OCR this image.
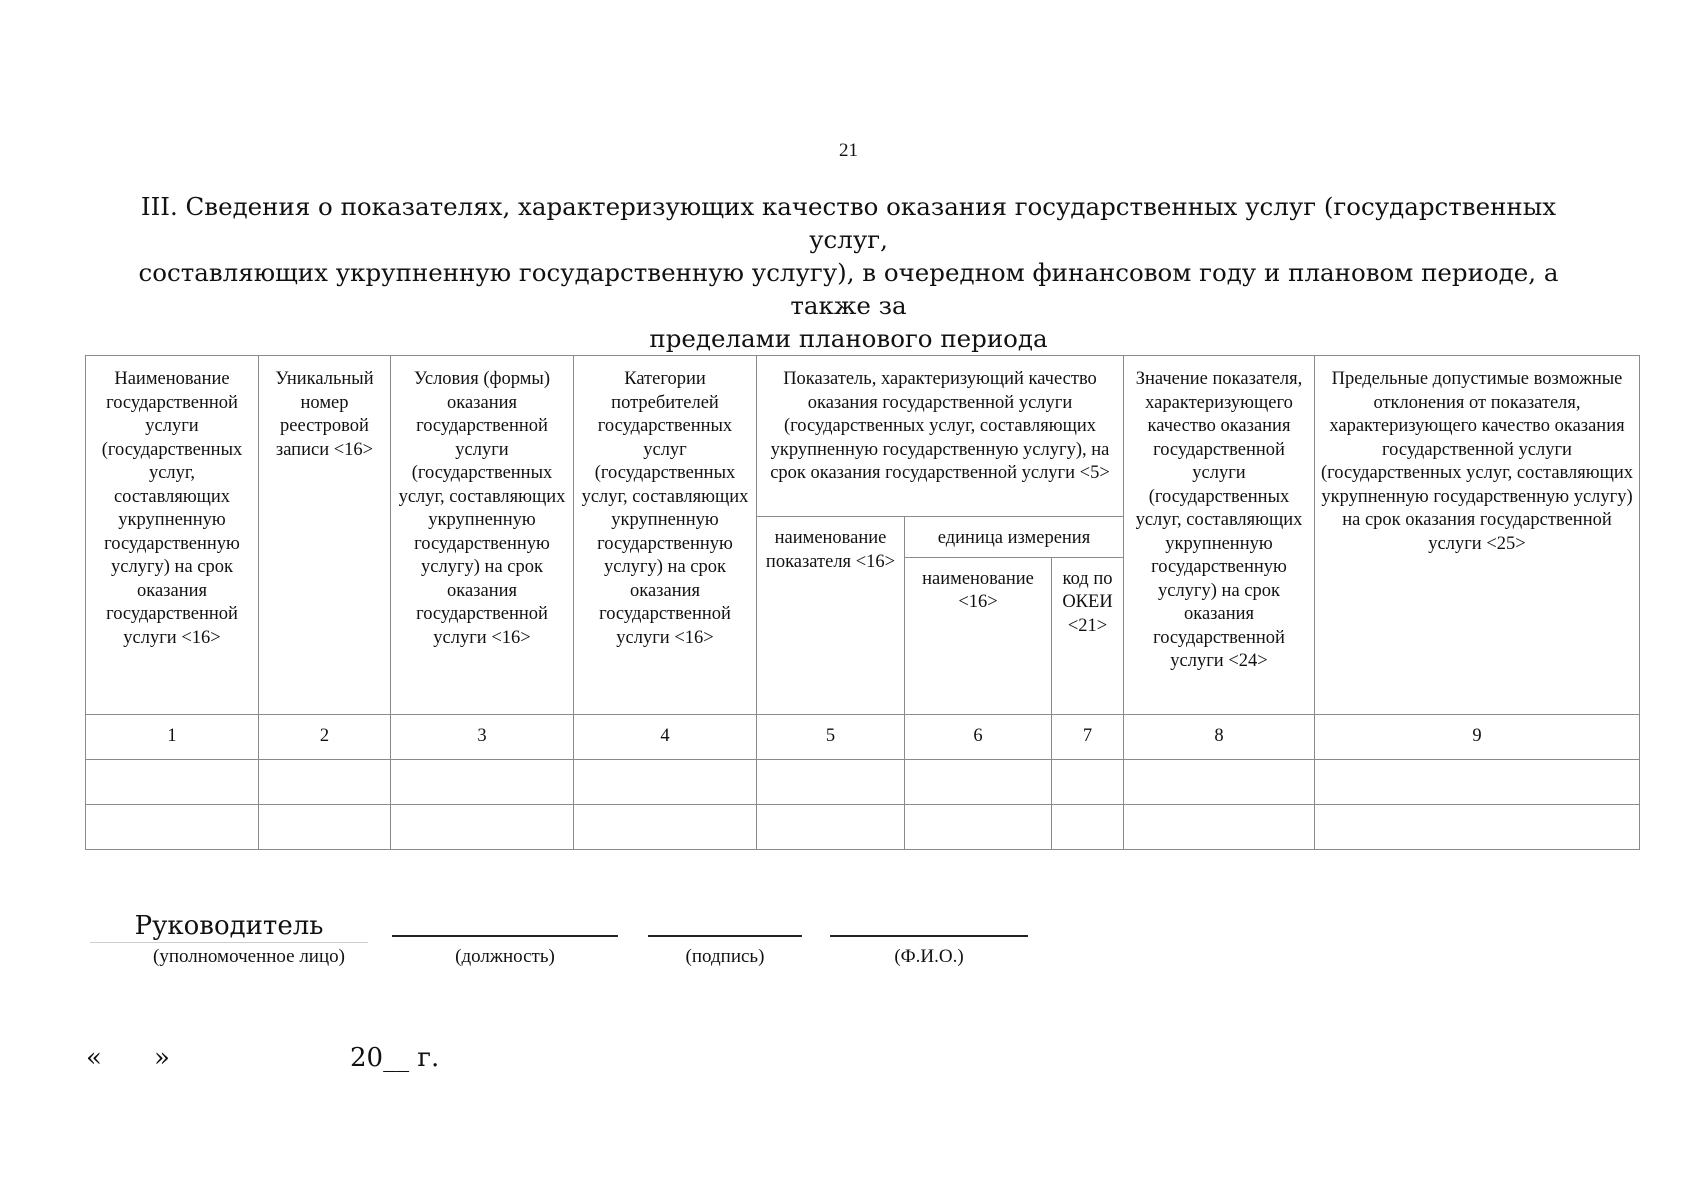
21
III. Сведения о показателях, характеризующих качество оказания государственных услуг (государственных услуг,
составляющих укрупненную государственную услугу), в очередном финансовом году и плановом периоде, а также за
пределами планового периода
Наименование государственной услуги (государственных услуг, составляющих укрупненную государственную услугу) на срок оказания государственной услуги <16>	Уникальный номер реестровой записи <16>	Условия (формы) оказания государственной услуги (государственных услуг, составляющих укрупненную государственную услугу) на срок оказания государственной услуги <16>	Категории потребителей государственных услуг (государственных услуг, составляющих укрупненную государственную услугу) на срок оказания государственной услуги <16>	Показатель, характеризующий качество оказания государственной услуги (государственных услуг, составляющих укрупненную государственную услугу), на срок оказания государственной услуги <5>			Значение показателя, характеризующего качество оказания государственной услуги (государственных услуг, составляющих укрупненную государственную услугу) на срок оказания государственной услуги <24>	Предельные допустимые возможные отклонения от показателя, характеризующего качество оказания государственной услуги (государственных услуг, составляющих укрупненную государственную услугу) на срок оказания государственной услуги <25>
				наименование показателя <16>	единица измерения			
					наименование <16>	код по ОКЕИ <21>		
1	2	3	4	5	6	7	8	9

Руководитель
(уполномоченное лицо)	(должность)	(подпись)	(Ф.И.О.)
« »	20__ г.
